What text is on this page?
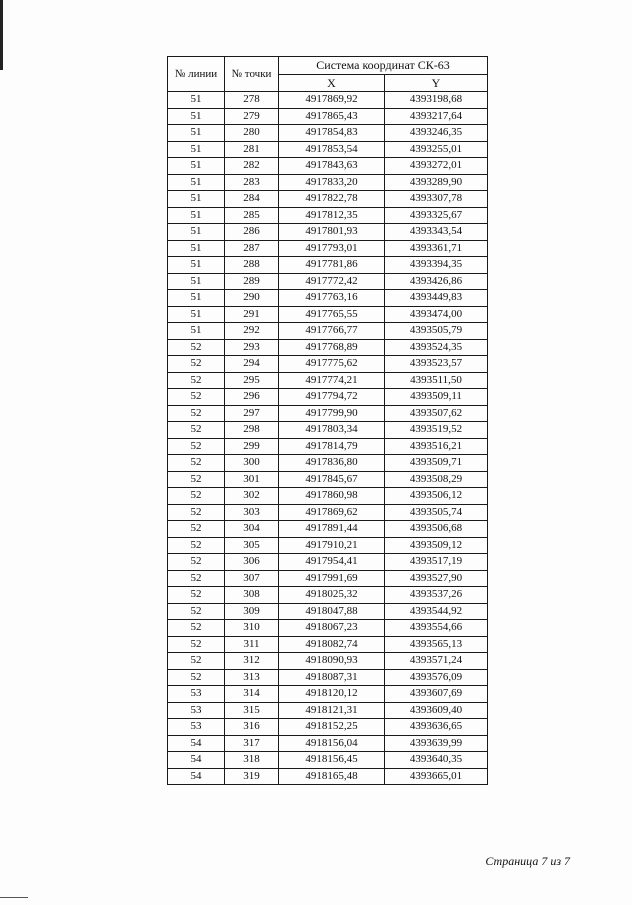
№ линии	№ точки	Система координат СК-63	
		X	Y
51	278	4917869,92	4393198,68
51	279	4917865,43	4393217,64
51	280	4917854,83	4393246,35
51	281	4917853,54	4393255,01
51	282	4917843,63	4393272,01
51	283	4917833,20	4393289,90
51	284	4917822,78	4393307,78
51	285	4917812,35	4393325,67
51	286	4917801,93	4393343,54
51	287	4917793,01	4393361,71
51	288	4917781,86	4393394,35
51	289	4917772,42	4393426,86
51	290	4917763,16	4393449,83
51	291	4917765,55	4393474,00
51	292	4917766,77	4393505,79
52	293	4917768,89	4393524,35
52	294	4917775,62	4393523,57
52	295	4917774,21	4393511,50
52	296	4917794,72	4393509,11
52	297	4917799,90	4393507,62
52	298	4917803,34	4393519,52
52	299	4917814,79	4393516,21
52	300	4917836,80	4393509,71
52	301	4917845,67	4393508,29
52	302	4917860,98	4393506,12
52	303	4917869,62	4393505,74
52	304	4917891,44	4393506,68
52	305	4917910,21	4393509,12
52	306	4917954,41	4393517,19
52	307	4917991,69	4393527,90
52	308	4918025,32	4393537,26
52	309	4918047,88	4393544,92
52	310	4918067,23	4393554,66
52	311	4918082,74	4393565,13
52	312	4918090,93	4393571,24
52	313	4918087,31	4393576,09
53	314	4918120,12	4393607,69
53	315	4918121,31	4393609,40
53	316	4918152,25	4393636,65
54	317	4918156,04	4393639,99
54	318	4918156,45	4393640,35
54	319	4918165,48	4393665,01
Страница 7 из 7
